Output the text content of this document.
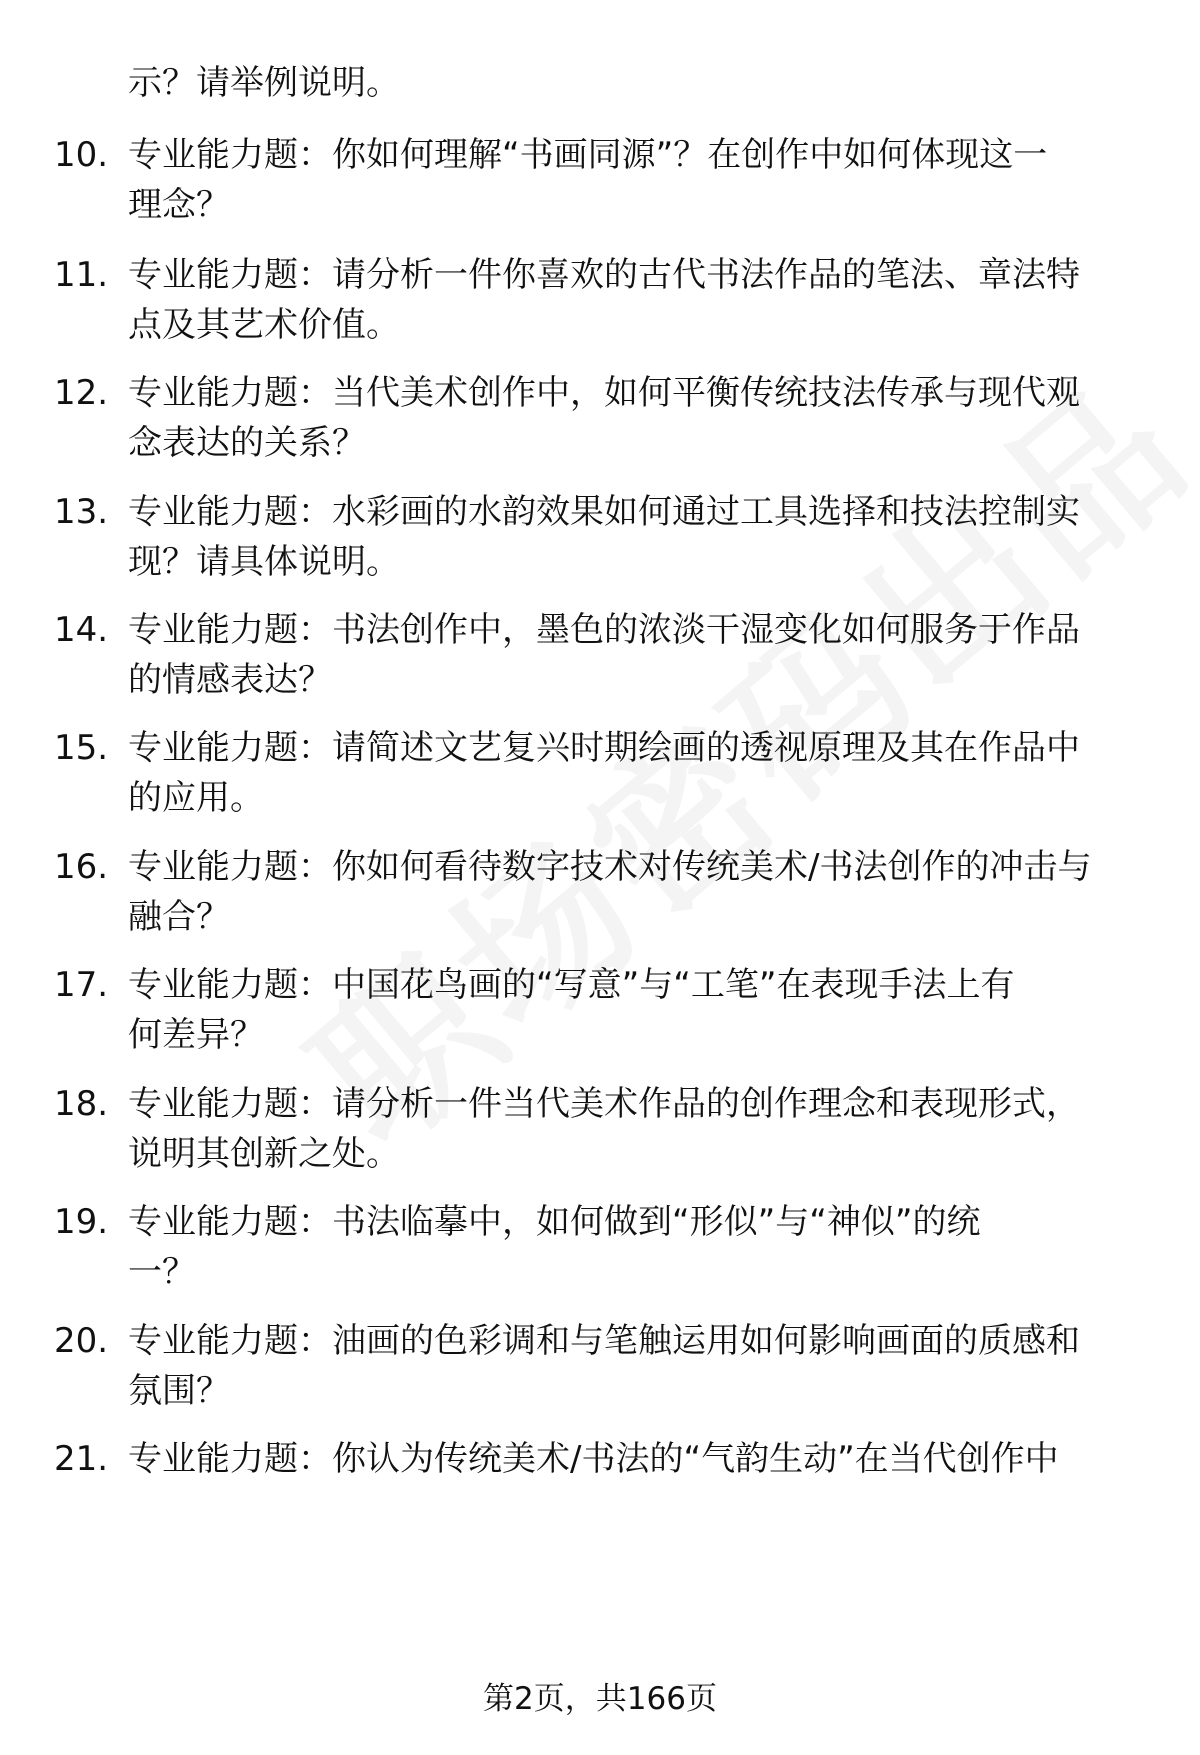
示？请举例说明。
10. 专业能力题：你如何理解“书画同源”？在创作中如何体现这一
理念？
11. 专业能力题：请分析一件你喜欢的古代书法作品的笔法、章法特
点及其艺术价值。
12. 专业能力题：当代美术创作中，如何平衡传统技法传承与现代观
念表达的关系？
13. 专业能力题：水彩画的水韵效果如何通过工具选择和技法控制实
现？请具体说明。
14. 专业能力题：书法创作中，墨色的浓淡干湿变化如何服务于作品
的情感表达？
15. 专业能力题：请简述文艺复兴时期绘画的透视原理及其在作品中
的应用。
16. 专业能力题：你如何看待数字技术对传统美术/书法创作的冲击与
融合？
17. 专业能力题：中国花鸟画的“写意”与“工笔”在表现手法上有
何差异？
18. 专业能力题：请分析一件当代美术作品的创作理念和表现形式，
说明其创新之处。
19. 专业能力题：书法临摹中，如何做到“形似”与“神似”的统
一？
20. 专业能力题：油画的色彩调和与笔触运用如何影响画面的质感和
氛围？
21. 专业能力题：你认为传统美术/书法的“气韵生动”在当代创作中
第2页，共166页
